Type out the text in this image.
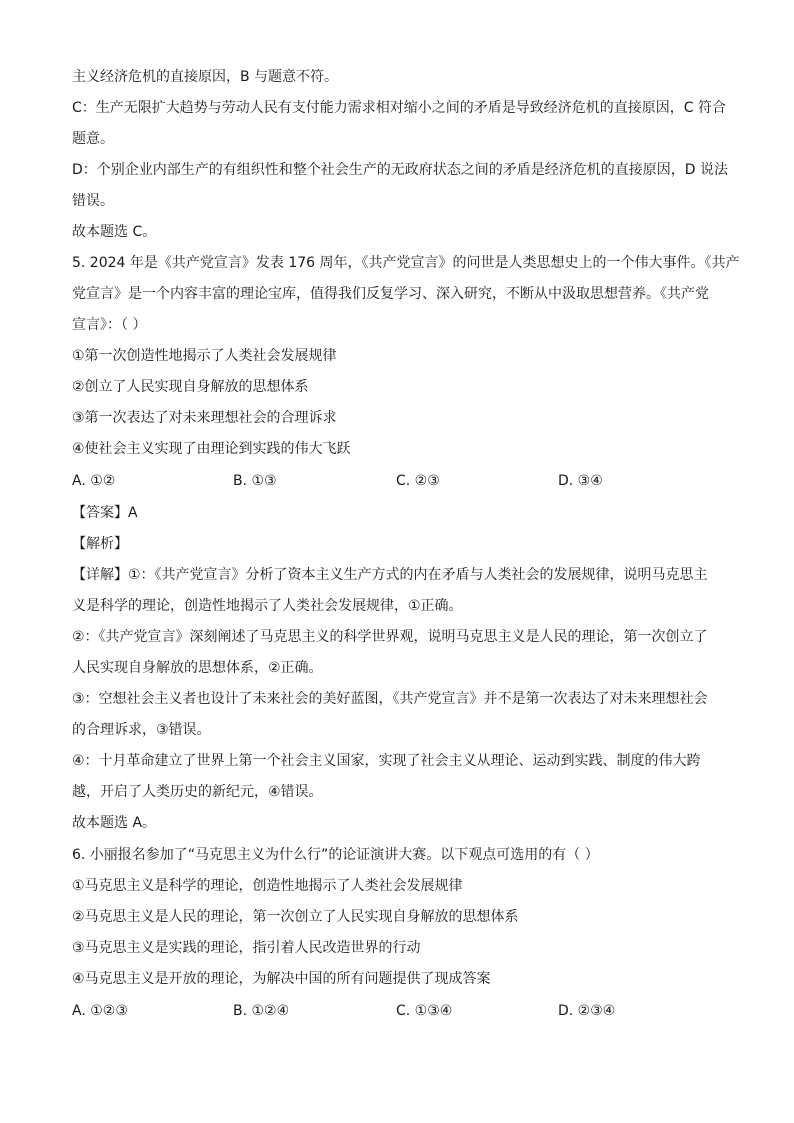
主义经济危机的直接原因，B 与题意不符。
C：生产无限扩大趋势与劳动人民有支付能力需求相对缩小之间的矛盾是导致经济危机的直接原因，C 符合
题意。
D：个别企业内部生产的有组织性和整个社会生产的无政府状态之间的矛盾是经济危机的直接原因，D 说法
错误。
故本题选 C。
5. 2024 年是《共产党宣言》发表 176 周年，《共产党宣言》的问世是人类思想史上的一个伟大事件。《共产
党宣言》是一个内容丰富的理论宝库，值得我们反复学习、深入研究，不断从中汲取思想营养。《共产党
宣言》：（ ）
①第一次创造性地揭示了人类社会发展规律
②创立了人民实现自身解放的思想体系
③第一次表达了对未来理想社会的合理诉求
④使社会主义实现了由理论到实践的伟大飞跃
A. ①②	B. ①③	C. ②③	D. ③④
【答案】A
【解析】
【详解】①：《共产党宣言》分析了资本主义生产方式的内在矛盾与人类社会的发展规律，说明马克思主
义是科学的理论，创造性地揭示了人类社会发展规律，①正确。
②：《共产党宣言》深刻阐述了马克思主义的科学世界观，说明马克思主义是人民的理论，第一次创立了
人民实现自身解放的思想体系，②正确。
③：空想社会主义者也设计了未来社会的美好蓝图，《共产党宣言》并不是第一次表达了对未来理想社会
的合理诉求，③错误。
④：十月革命建立了世界上第一个社会主义国家，实现了社会主义从理论、运动到实践、制度的伟大跨
越，开启了人类历史的新纪元，④错误。
故本题选 A。
6. 小丽报名参加了“马克思主义为什么行”的论证演讲大赛。以下观点可选用的有（ ）
①马克思主义是科学的理论，创造性地揭示了人类社会发展规律
②马克思主义是人民的理论，第一次创立了人民实现自身解放的思想体系
③马克思主义是实践的理论，指引着人民改造世界的行动
④马克思主义是开放的理论，为解决中国的所有问题提供了现成答案
A. ①②③	B. ①②④	C. ①③④	D. ②③④
